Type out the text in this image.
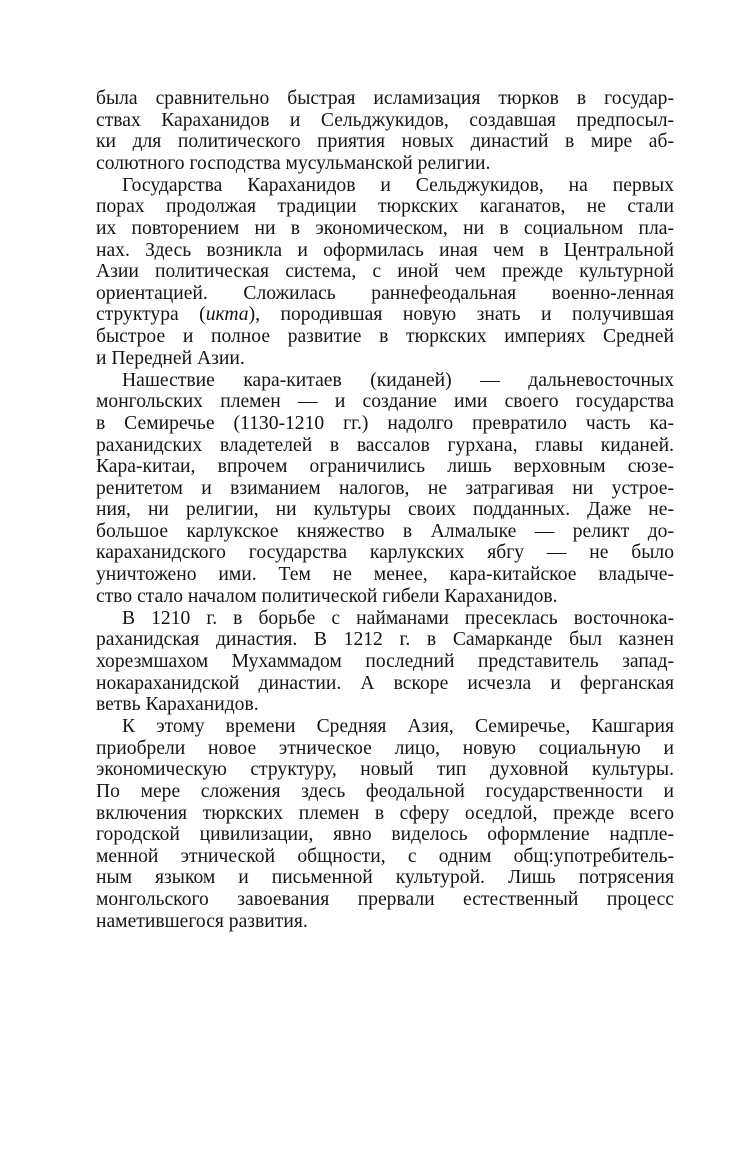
была сравнительно быстрая исламизация тюрков в государ-
ствах Караханидов и Сельджукидов, создавшая предпосыл-
ки для политического приятия новых династий в мире аб-
солютного господства мусульманской религии.
Государства Караханидов и Сельджукидов, на первых
порах продолжая традиции тюркских каганатов, не стали
их повторением ни в экономическом, ни в социальном пла-
нах. Здесь возникла и оформилась иная чем в Центральной
Азии политическая система, с иной чем прежде культурной
ориентацией. Сложилась раннефеодальная военно-ленная
структура (икта), породившая новую знать и получившая
быстрое и полное развитие в тюркских империях Средней
и Передней Азии.
Нашествие кара-китаев (киданей) — дальневосточных
монгольских племен — и создание ими своего государства
в Семиречье (1130-1210 гг.) надолго превратило часть ка-
раханидских владетелей в вассалов гурхана, главы киданей.
Кара-китаи, впрочем ограничились лишь верховным сюзе-
ренитетом и взиманием налогов, не затрагивая ни устрое-
ния, ни религии, ни культуры своих подданных. Даже не-
большое карлукское княжество в Алмалыке — реликт до-
караханидского государства карлукских ябгу — не было
уничтожено ими. Тем не менее, кара-китайское владыче-
ство стало началом политической гибели Караханидов.
В 1210 г. в борьбе с найманами пресеклась восточнока-
раханидская династия. В 1212 г. в Самарканде был казнен
хорезмшахом Мухаммадом последний представитель запад-
нокараханидской династии. А вскоре исчезла и ферганская
ветвь Караханидов.
К этому времени Средняя Азия, Семиречье, Кашгария
приобрели новое этническое лицо, новую социальную и
экономическую структуру, новый тип духовной культуры.
По мере сложения здесь феодальной государственности и
включения тюркских племен в сферу оседлой, прежде всего
городской цивилизации, явно виделось оформление надпле-
менной этнической общности, с одним общ:употребитель-
ным языком и письменной культурой. Лишь потрясения
монгольского завоевания прервали естественный процесс
наметившегося развития.
